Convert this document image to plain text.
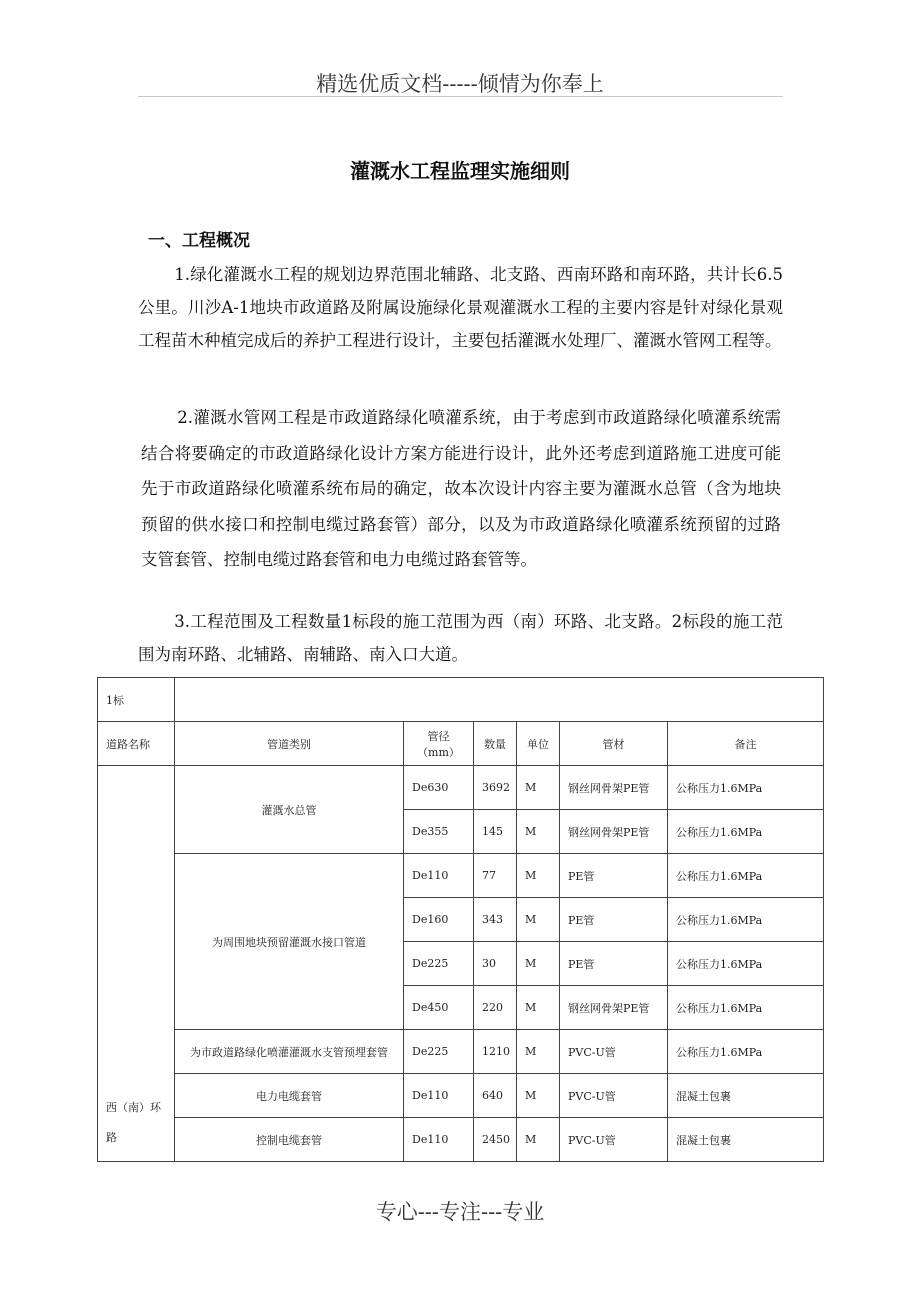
精选优质文档-----倾情为你奉上
灌溉水工程监理实施细则
一、工程概况

1.绿化灌溉水工程的规划边界范围北辅路、北支路、西南环路和南环路，共计长6.5公里。川沙A-1地块市政道路及附属设施绿化景观灌溉水工程的主要内容是针对绿化景观工程苗木种植完成后的养护工程进行设计，主要包括灌溉水处理厂、灌溉水管网工程等。

2.灌溉水管网工程是市政道路绿化喷灌系统，由于考虑到市政道路绿化喷灌系统需结合将要确定的市政道路绿化设计方案方能进行设计，此外还考虑到道路施工进度可能先于市政道路绿化喷灌系统布局的确定，故本次设计内容主要为灌溉水总管（含为地块预留的供水接口和控制电缆过路套管）部分，以及为市政道路绿化喷灌系统预留的过路支管套管、控制电缆过路套管和电力电缆过路套管等。

3.工程范围及工程数量1标段的施工范围为西（南）环路、北支路。2标段的施工范围为南环路、北辅路、南辅路、南入口大道。

1标						
道路名称	管道类别	管径（mm）	数量	单位	管材	备注
西（南）环路	灌溉水总管	De630	3692	M	钢丝网骨架PE管	公称压力1.6MPa
		De355	145	M	钢丝网骨架PE管	公称压力1.6MPa
	为周围地块预留灌溉水接口管道	De110	77	M	PE管	公称压力1.6MPa
		De160	343	M	PE管	公称压力1.6MPa
		De225	30	M	PE管	公称压力1.6MPa
		De450	220	M	钢丝网骨架PE管	公称压力1.6MPa
	为市政道路绿化喷灌灌溉水支管预埋套管	De225	1210	M	PVC-U管	公称压力1.6MPa
	电力电缆套管	De110	640	M	PVC-U管	混凝土包裹
	控制电缆套管	De110	2450	M	PVC-U管	混凝土包裹
专心---专注---专业
